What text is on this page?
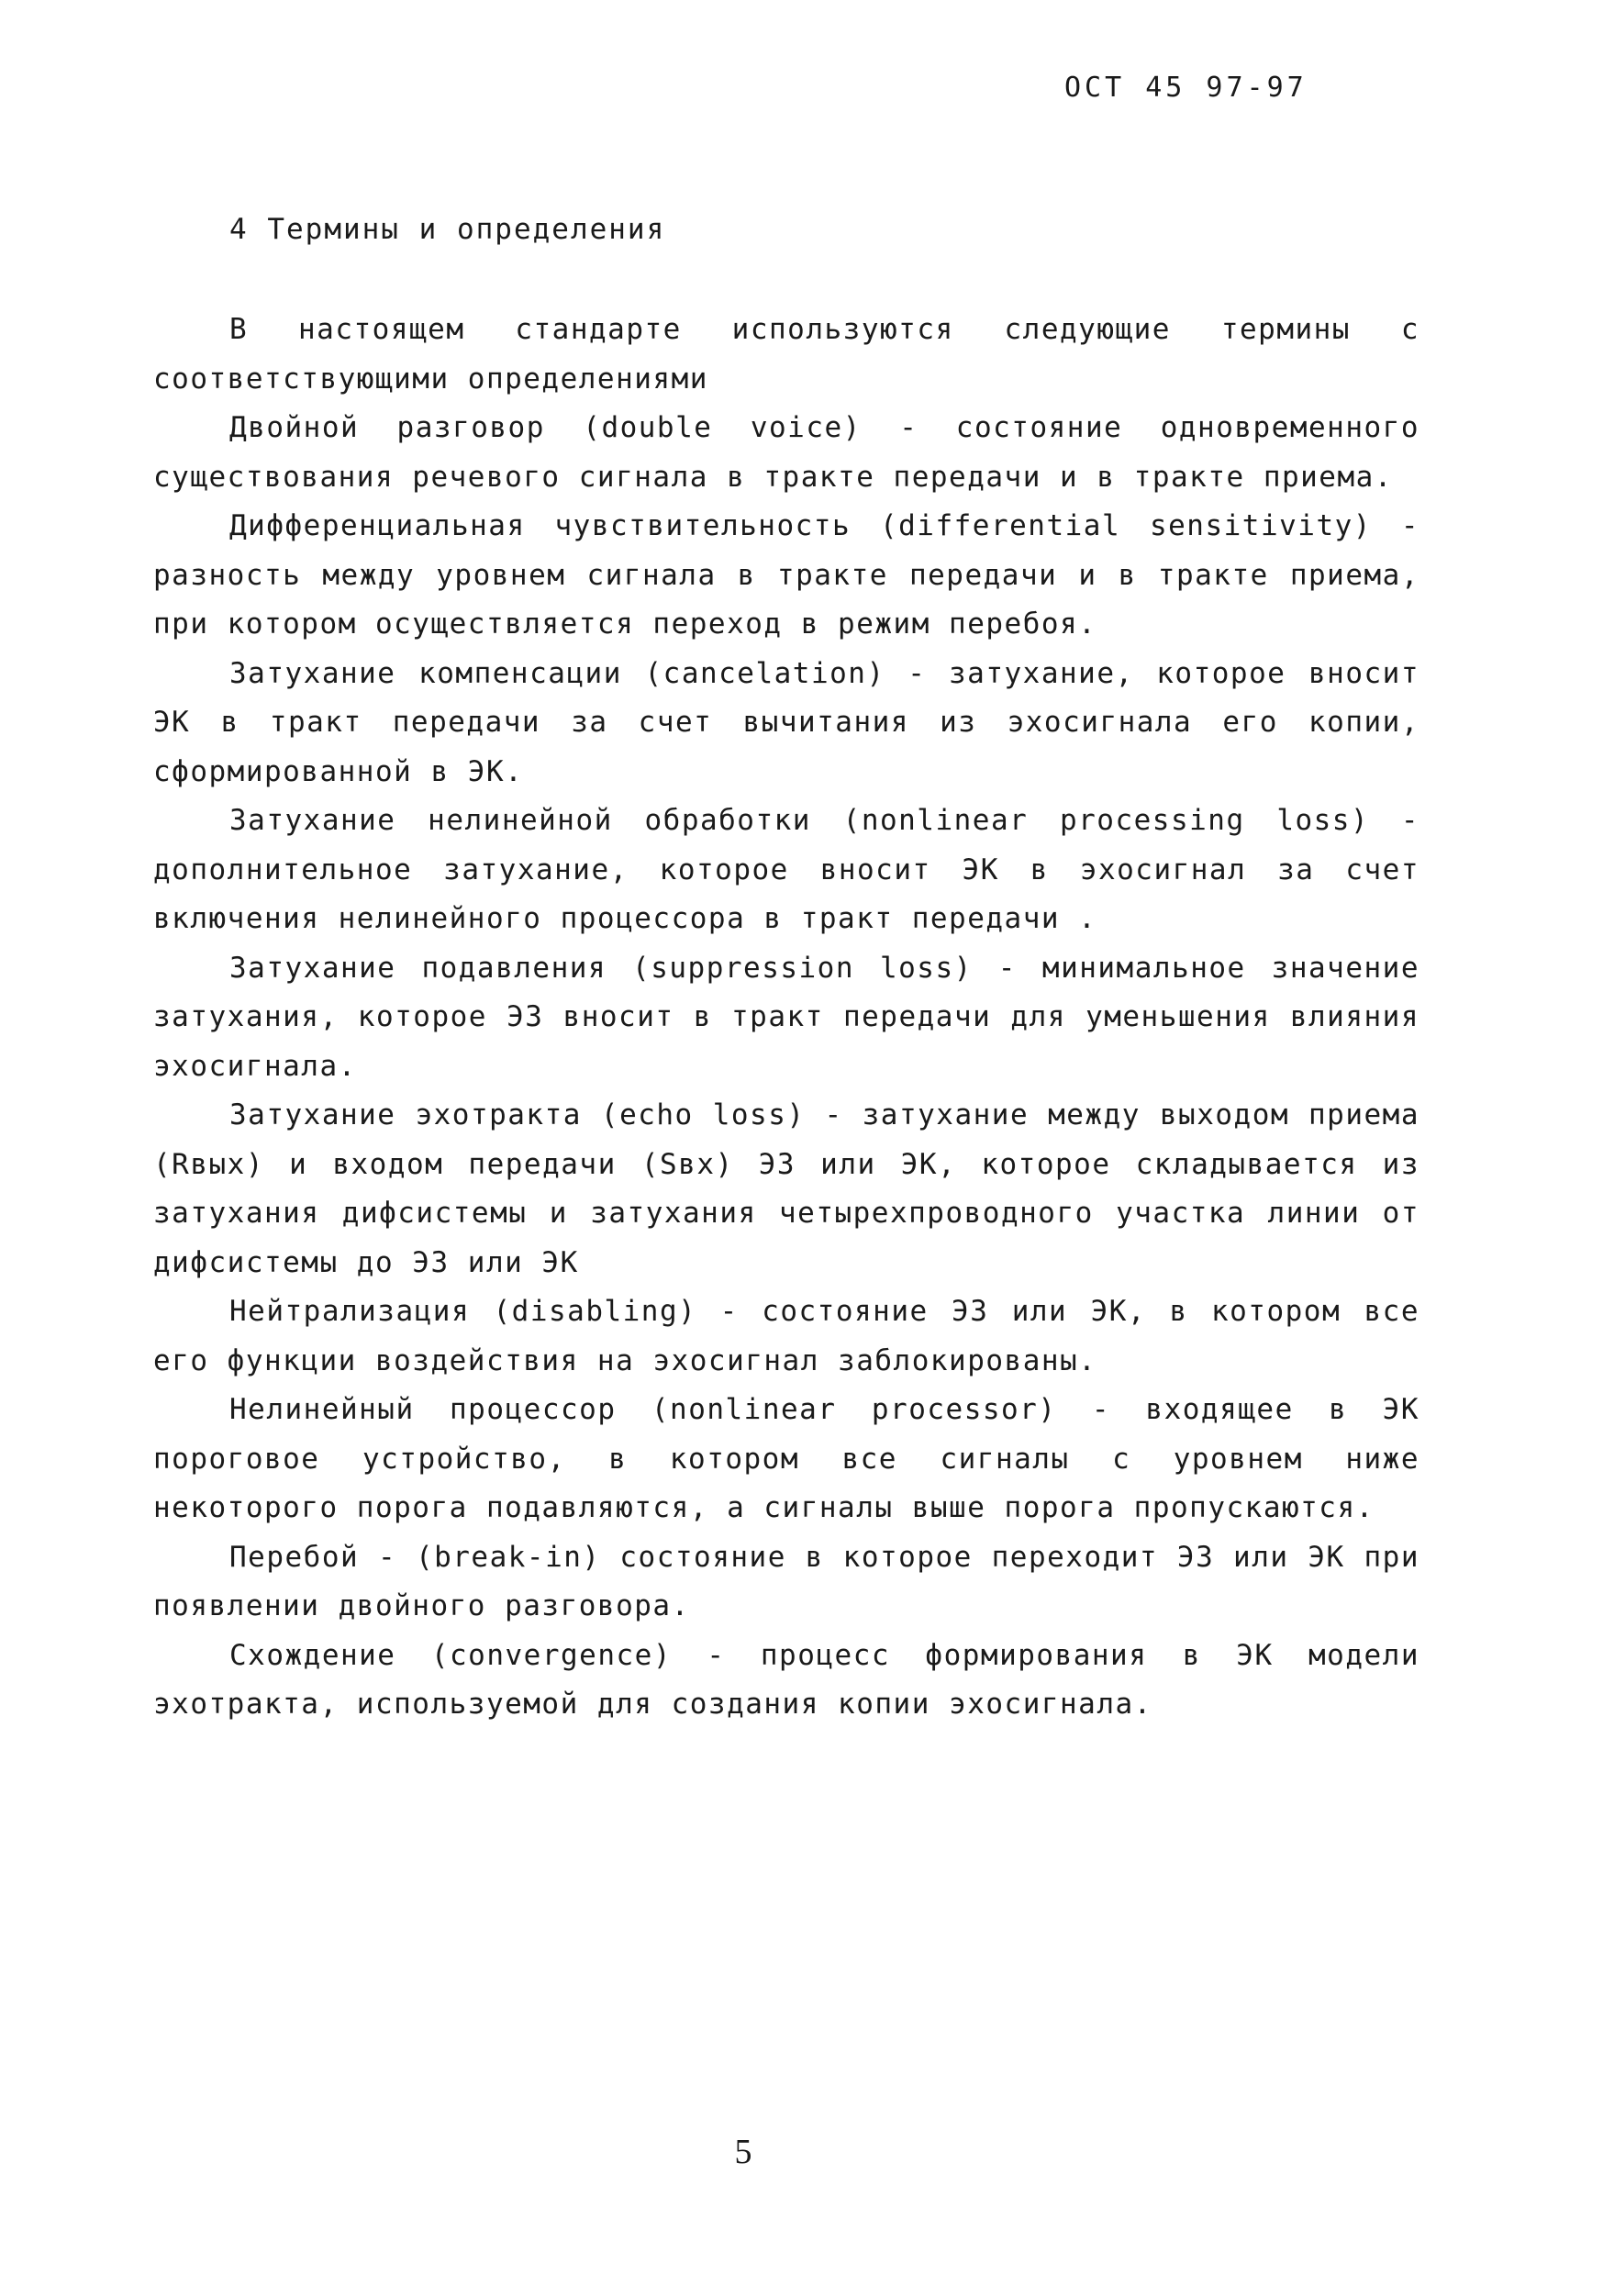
ОСТ 45 97-97
4 Термины и определения

В настоящем стандарте используются следующие термины с соответствующими определениями

Двойной разговор (double voice) - состояние одновременного существования речевого сигнала в тракте передачи и в тракте приема.

Дифференциальная чувствительность (differential sensitivity) - разность между уровнем сигнала в тракте передачи и в тракте приема, при котором осуществляется переход в режим перебоя.

Затухание компенсации (cancelation) - затухание, которое вносит ЭК в тракт передачи за счет вычитания из эхосигнала его копии, сформированной в ЭК.

Затухание нелинейной обработки (nonlinear processing loss) - дополнительное затухание, которое вносит ЭК в эхосигнал за счет включения нелинейного процессора в тракт передачи .

Затухание подавления (suppression loss) - минимальное значение затухания, которое ЭЗ вносит в тракт передачи для уменьшения влияния эхосигнала.

Затухание эхотракта (echo loss) - затухание между выходом приема (Rвых) и входом передачи (Sвх) ЭЗ или ЭК, которое складывается из затухания дифсистемы и затухания четырехпроводного участка линии от дифсистемы до ЭЗ или ЭК

Нейтрализация (disabling) - состояние ЭЗ или ЭК, в котором все его функции воздействия на эхосигнал заблокированы.

Нелинейный процессор (nonlinear processor) - входящее в ЭК пороговое устройство, в котором все сигналы с уровнем ниже некоторого порога подавляются, а сигналы выше порога пропускаются.

Перебой - (break-in) состояние в которое переходит ЭЗ или ЭК при появлении двойного разговора.

Схождение (convergence) - процесс формирования в ЭК модели эхотракта, используемой для создания копии эхосигнала.

5
